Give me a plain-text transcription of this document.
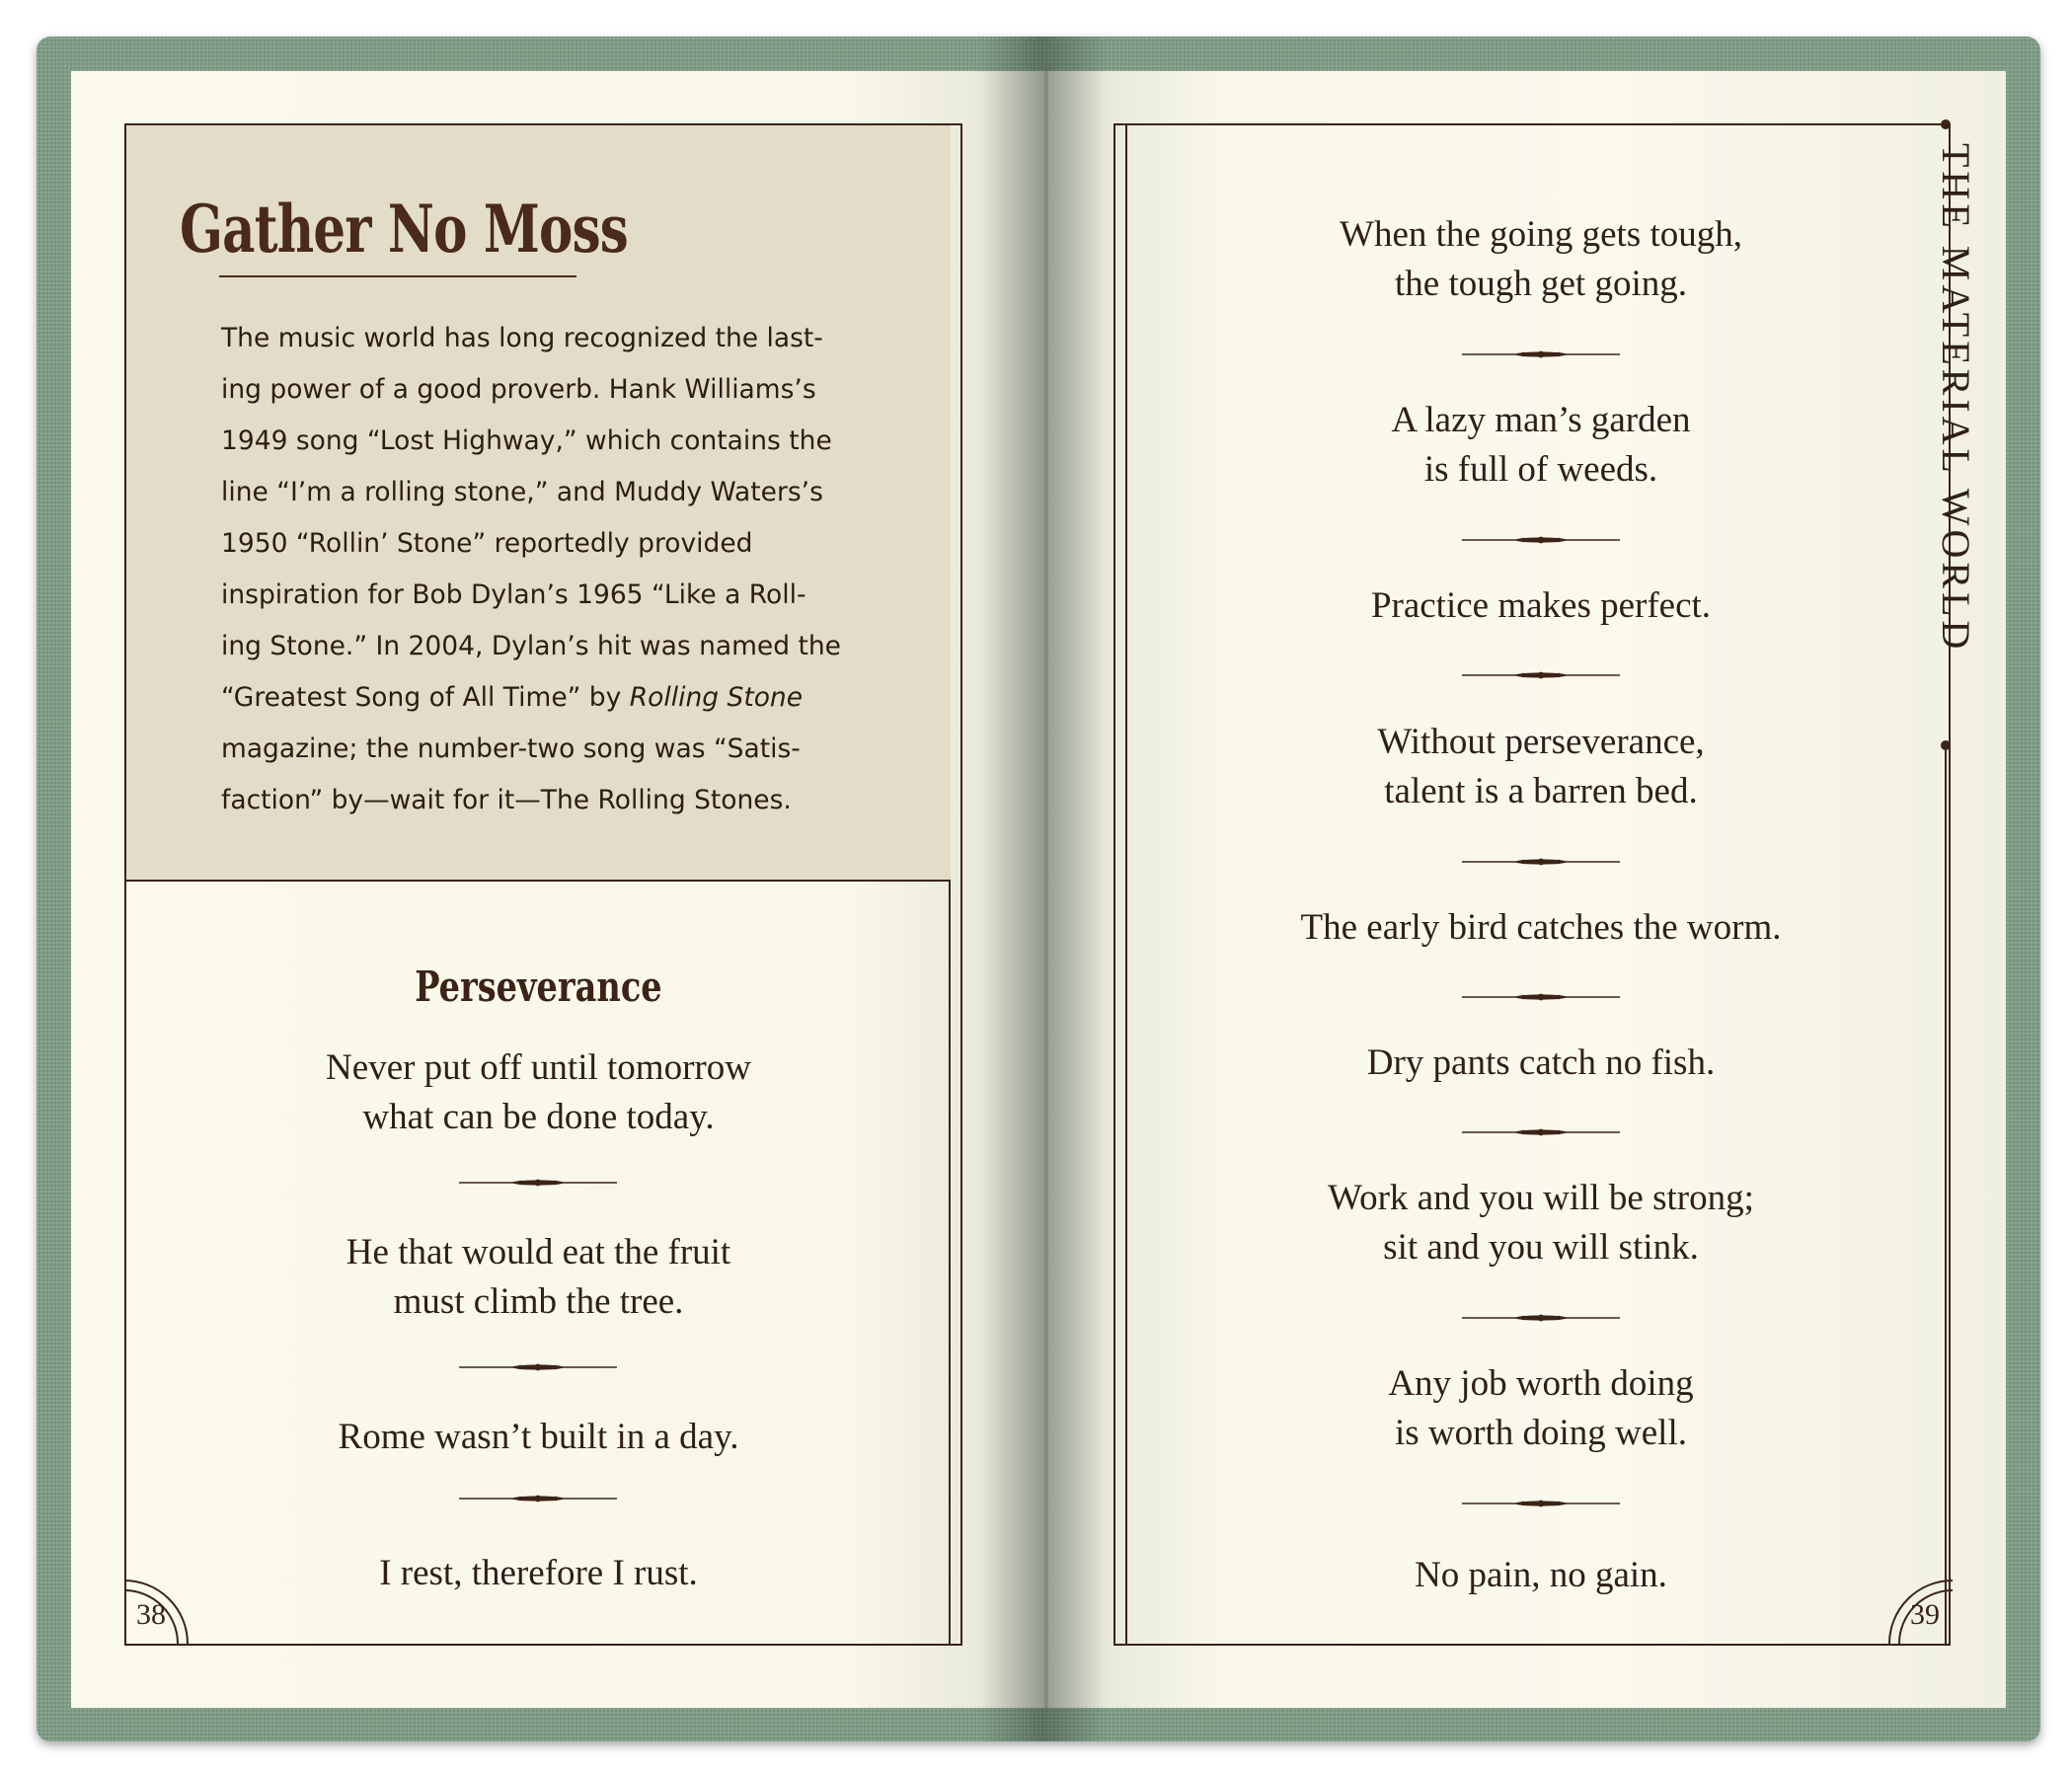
Gather No Moss
The music world has long recognized the last-
ing power of a good proverb. Hank Williams’s
1949 song “Lost Highway,” which contains the
line “I’m a rolling stone,” and Muddy Waters’s
1950 “Rollin’ Stone” reportedly provided
inspiration for Bob Dylan’s 1965 “Like a Roll-
ing Stone.” In 2004, Dylan’s hit was named the
“Greatest Song of All Time” by Rolling Stone
magazine; the number-two song was “Satis-
faction” by—wait for it—The Rolling Stones.
Perseverance
Never put off until tomorrow
what can be done today.
He that would eat the fruit
must climb the tree.
Rome wasn’t built in a day.
I rest, therefore I rust.
38
When the going gets tough,
the tough get going.
A lazy man’s garden
is full of weeds.
Practice makes perfect.
Without perseverance,
talent is a barren bed.
The early bird catches the worm.
Dry pants catch no fish.
Work and you will be strong;
sit and you will stink.
Any job worth doing
is worth doing well.
No pain, no gain.
39
THE MATERIAL WORLD
